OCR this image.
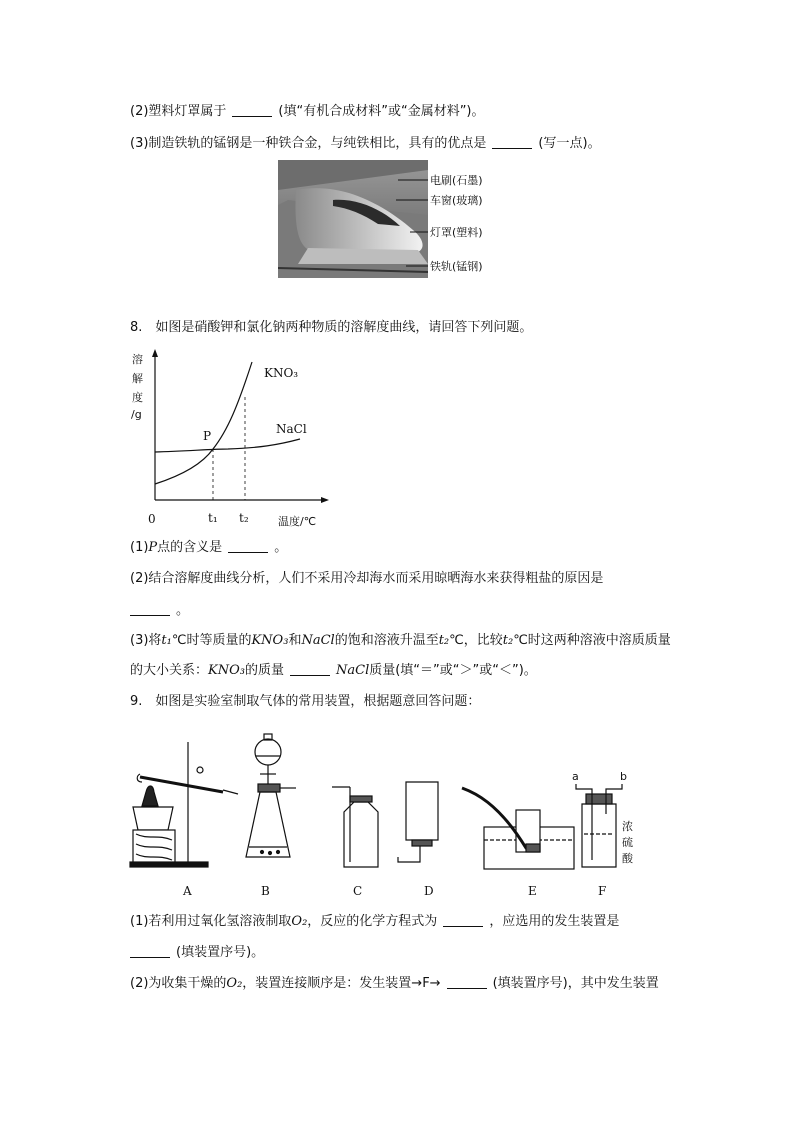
(2)塑料灯罩属于	(填“有机合成材料”或“金属材料”)。
(3)制造铁轨的锰钢是一种铁合金，与纯铁相比，具有的优点是	(写一点)。
电刷(石墨)
车窗(玻璃)
灯罩(塑料)
铁轨(锰钢)
8.　如图是硝酸钾和氯化钠两种物质的溶解度曲线，请回答下列问题。
溶
解
度
/g
P
KNO₃
NaCl
0	t₁ t₂	温度/℃
(1)P点的含义是	。
(2)结合溶解度曲线分析，人们不采用冷却海水而采用晾晒海水来获得粗盐的原因是
。
(3)将t₁℃时等质量的KNO₃和NaCl的饱和溶液升温至t₂℃，比较t₂℃时这两种溶液中溶质质量
的大小关系：KNO₃的质量	NaCl质量(填“＝”或“＞”或“＜”)。
9.　如图是实验室制取气体的常用装置，根据题意回答问题：
a	b
浓
硫
酸
A	B	C	D	E	F
(1)若利用过氧化氢溶液制取O₂，反应的化学方程式为	，应选用的发生装置是
(填装置序号)。
(2)为收集干燥的O₂，装置连接顺序是：发生装置→F→	(填装置序号)，其中发生装置
